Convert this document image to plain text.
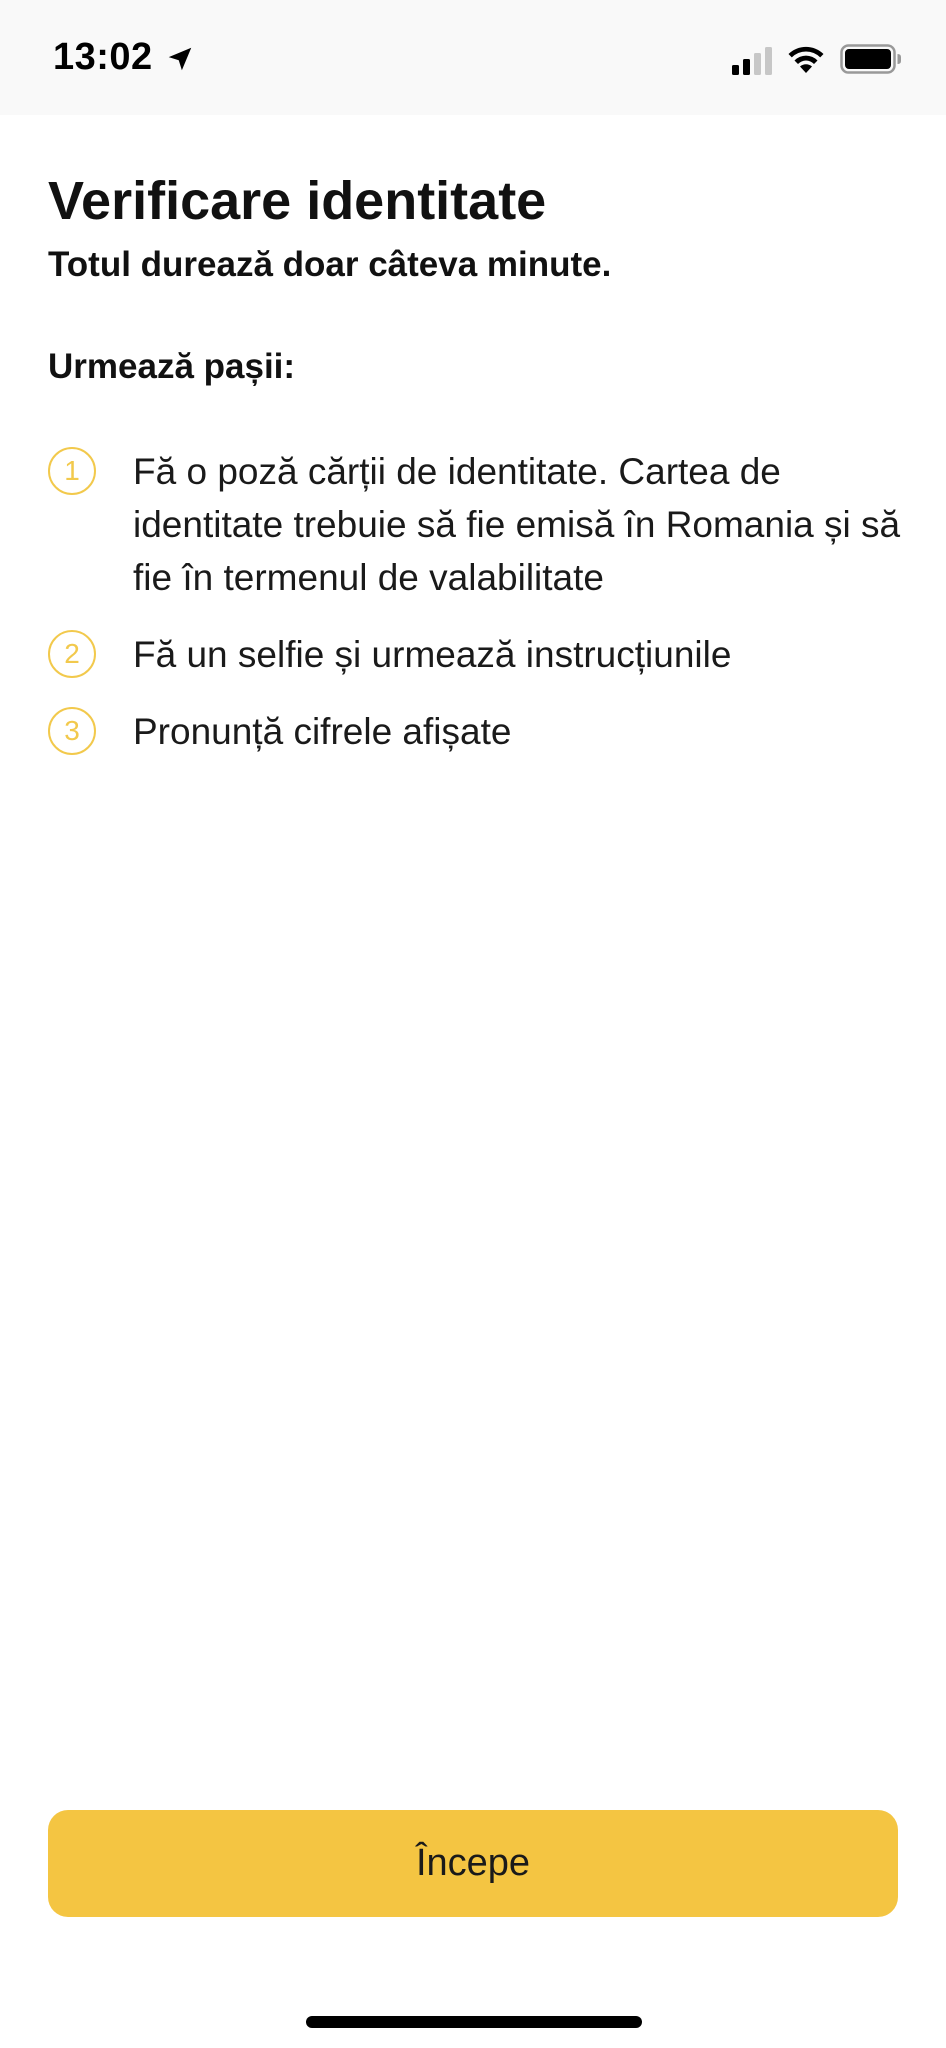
13:02
Verificare identitate

Totul durează doar câteva minute.

Urmează pașii:
1	Fă o poză cărții de identitate. Cartea de identitate trebuie să fie emisă în Romania și să fie în termenul de valabilitate
2	Fă un selfie și urmează instrucțiunile
3	Pronunță cifrele afișate
Începe
